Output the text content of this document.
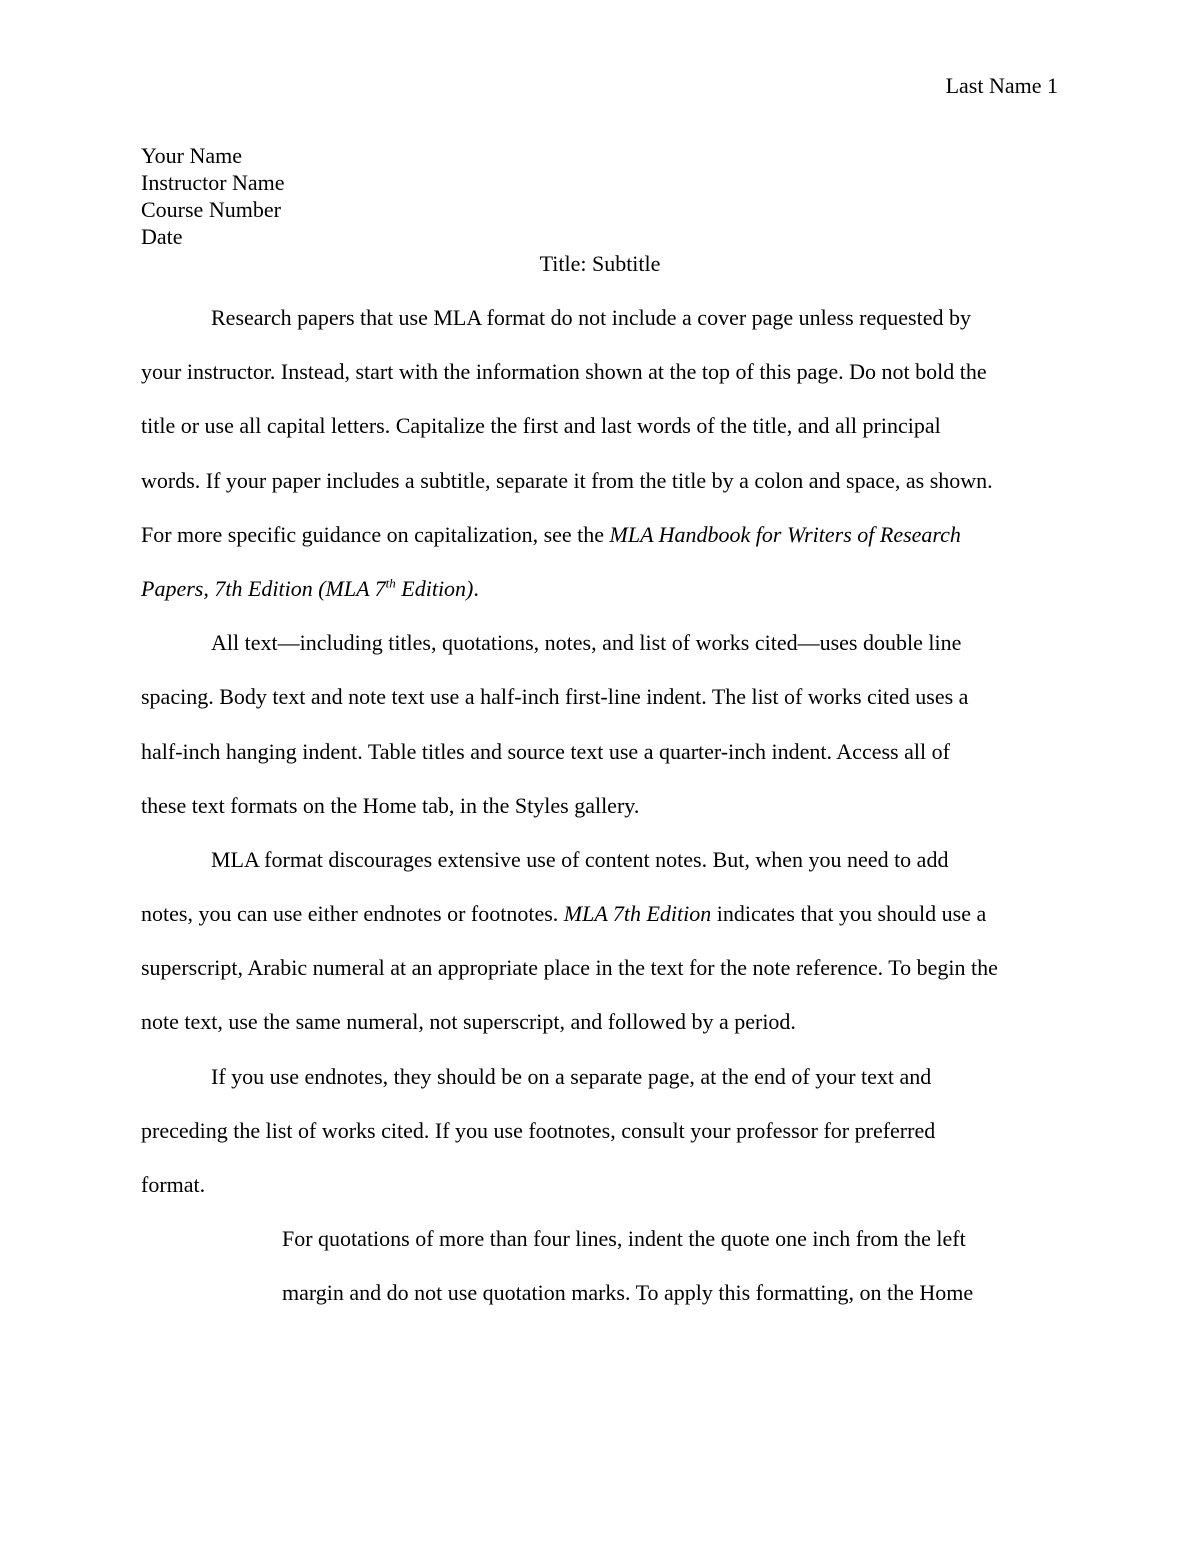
Last Name 1
Your Name
Instructor Name
Course Number
Date
Title: Subtitle
Research papers that use MLA format do not include a cover page unless requested by
your instructor. Instead, start with the information shown at the top of this page. Do not bold the
title or use all capital letters. Capitalize the first and last words of the title, and all principal
words. If your paper includes a subtitle, separate it from the title by a colon and space, as shown.
For more specific guidance on capitalization, see the MLA Handbook for Writers of Research
Papers, 7th Edition (MLA 7th Edition).
All text—including titles, quotations, notes, and list of works cited—uses double line
spacing. Body text and note text use a half-inch first-line indent. The list of works cited uses a
half-inch hanging indent. Table titles and source text use a quarter-inch indent. Access all of
these text formats on the Home tab, in the Styles gallery.
MLA format discourages extensive use of content notes. But, when you need to add
notes, you can use either endnotes or footnotes. MLA 7th Edition indicates that you should use a
superscript, Arabic numeral at an appropriate place in the text for the note reference. To begin the
note text, use the same numeral, not superscript, and followed by a period.
If you use endnotes, they should be on a separate page, at the end of your text and
preceding the list of works cited. If you use footnotes, consult your professor for preferred
format.
For quotations of more than four lines, indent the quote one inch from the left
margin and do not use quotation marks. To apply this formatting, on the Home
